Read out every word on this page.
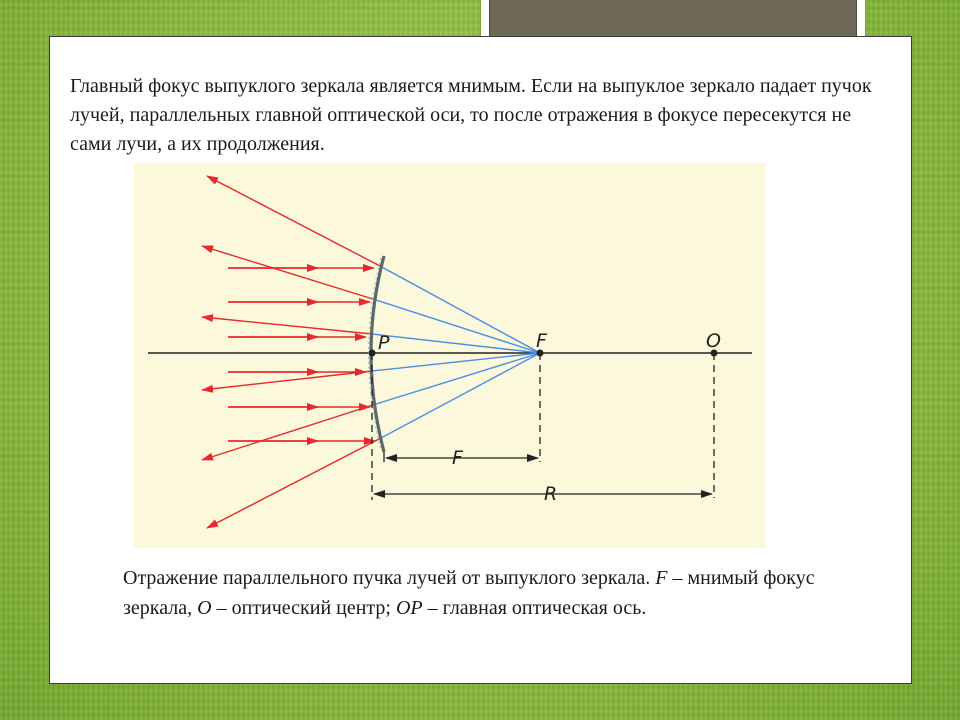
Главный фокус выпуклого зеркала является мнимым. Если на выпуклое зеркало падает пучок лучей, параллельных главной оптической оси, то после отражения в фокусе пересекутся не сами лучи, а их продолжения.

P	F	O
F
R

Отражение параллельного пучка лучей от выпуклого зеркала. F – мнимый фокус зеркала, O – оптический центр; OP – главная оптическая ось.
